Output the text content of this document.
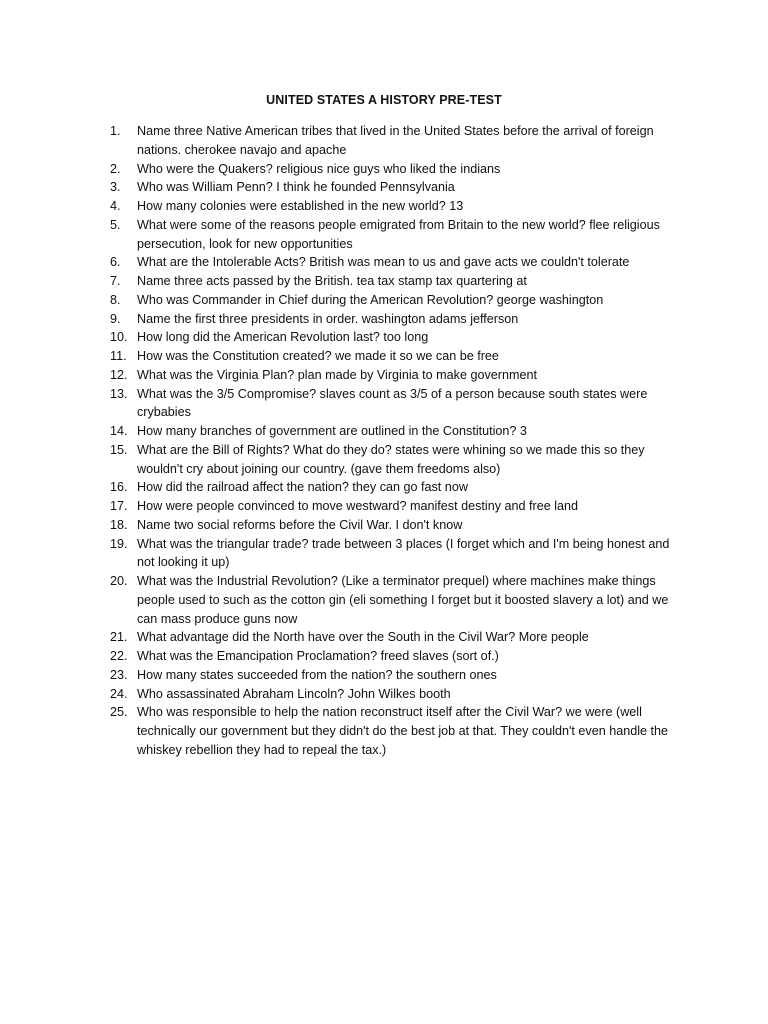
UNITED STATES A HISTORY PRE-TEST
1.	Name three Native American tribes that lived in the United States before the arrival of foreign nations. cherokee navajo and apache
2.	Who were the Quakers? religious nice guys who liked the indians
3.	Who was William Penn? I think he founded Pennsylvania
4.	How many colonies were established in the new world? 13
5.	What were some of the reasons people emigrated from Britain to the new world? flee religious persecution, look for new opportunities
6.	What are the Intolerable Acts? British was mean to us and gave acts we couldn't tolerate
7.	Name three acts passed by the British. tea tax stamp tax quartering at
8.	Who was Commander in Chief during the American Revolution? george washington
9.	Name the first three presidents in order. washington adams jefferson
10. How long did the American Revolution last? too long
11. How was the Constitution created? we made it so we can be free
12. What was the Virginia Plan? plan made by Virginia to make government
13. What was the 3/5 Compromise? slaves count as 3/5 of a person because south states were crybabies
14. How many branches of government are outlined in the Constitution? 3
15. What are the Bill of Rights? What do they do? states were whining so we made this so they wouldn't cry about joining our country. (gave them freedoms also)
16. How did the railroad affect the nation? they can go fast now
17. How were people convinced to move westward? manifest destiny and free land
18. Name two social reforms before the Civil War. I don't know
19. What was the triangular trade? trade between 3 places (I forget which and I'm being honest and not looking it up)
20. What was the Industrial Revolution? (Like a terminator prequel) where machines make things people used to such as the cotton gin (eli something I forget but it boosted slavery a lot) and we can mass produce guns now
21. What advantage did the North have over the South in the Civil War? More people
22. What was the Emancipation Proclamation? freed slaves (sort of.)
23. How many states succeeded from the nation? the southern ones
24. Who assassinated Abraham Lincoln? John Wilkes booth
25. Who was responsible to help the nation reconstruct itself after the Civil War? we were (well technically our government but they didn't do the best job at that. They couldn't even handle the whiskey rebellion they had to repeal the tax.)
